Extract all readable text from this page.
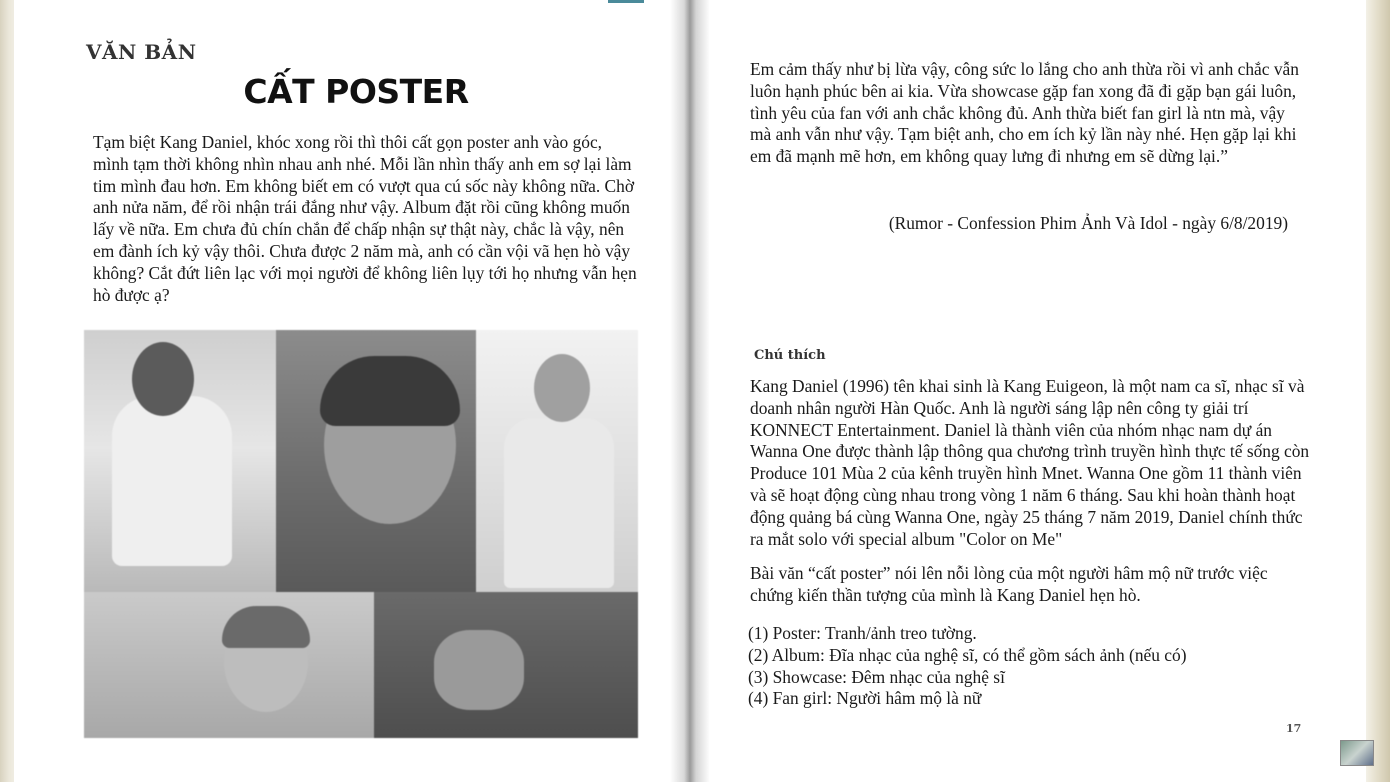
VĂN BẢN
CẤT POSTER
Tạm biệt Kang Daniel, khóc xong rồi thì thôi cất gọn poster anh vào góc, mình tạm thời không nhìn nhau anh nhé. Mỗi lần nhìn thấy anh em sợ lại làm tim mình đau hơn. Em không biết em có vượt qua cú sốc này không nữa. Chờ anh nửa năm, để rồi nhận trái đắng như vậy. Album đặt rồi cũng không muốn lấy về nữa. Em chưa đủ chín chắn để chấp nhận sự thật này, chắc là vậy, nên em đành ích kỷ vậy thôi. Chưa được 2 năm mà, anh có cần vội vã hẹn hò vậy không? Cắt đứt liên lạc với mọi người để không liên lụy tới họ nhưng vẫn hẹn hò được ạ?
Em cảm thấy như bị lừa vậy, công sức lo lắng cho anh thừa rồi vì anh chắc vẫn luôn hạnh phúc bên ai kia. Vừa showcase gặp fan xong đã đi gặp bạn gái luôn, tình yêu của fan với anh chắc không đủ. Anh thừa biết fan girl là ntn mà, vậy mà anh vẫn như vậy. Tạm biệt anh, cho em ích kỷ lần này nhé. Hẹn gặp lại khi em đã mạnh mẽ hơn, em không quay lưng đi nhưng em sẽ dừng lại.”
(Rumor - Confession Phim Ảnh Và Idol - ngày 6/8/2019)
Chú thích
Kang Daniel (1996) tên khai sinh là Kang Euigeon, là một nam ca sĩ, nhạc sĩ và doanh nhân người Hàn Quốc. Anh là người sáng lập nên công ty giải trí KONNECT Entertainment. Daniel là thành viên của nhóm nhạc nam dự án Wanna One được thành lập thông qua chương trình truyền hình thực tế sống còn Produce 101 Mùa 2 của kênh truyền hình Mnet. Wanna One gồm 11 thành viên và sẽ hoạt động cùng nhau trong vòng 1 năm 6 tháng. Sau khi hoàn thành hoạt động quảng bá cùng Wanna One, ngày 25 tháng 7 năm 2019, Daniel chính thức ra mắt solo với special album "Color on Me"
Bài văn “cất poster” nói lên nỗi lòng của một người hâm mộ nữ trước việc chứng kiến thần tượng của mình là Kang Daniel hẹn hò.
(1) Poster: Tranh/ảnh treo tường.
(2) Album: Đĩa nhạc của nghệ sĩ, có thể gồm sách ảnh (nếu có)
(3) Showcase: Đêm nhạc của nghệ sĩ
(4) Fan girl: Người hâm mộ là nữ
17
